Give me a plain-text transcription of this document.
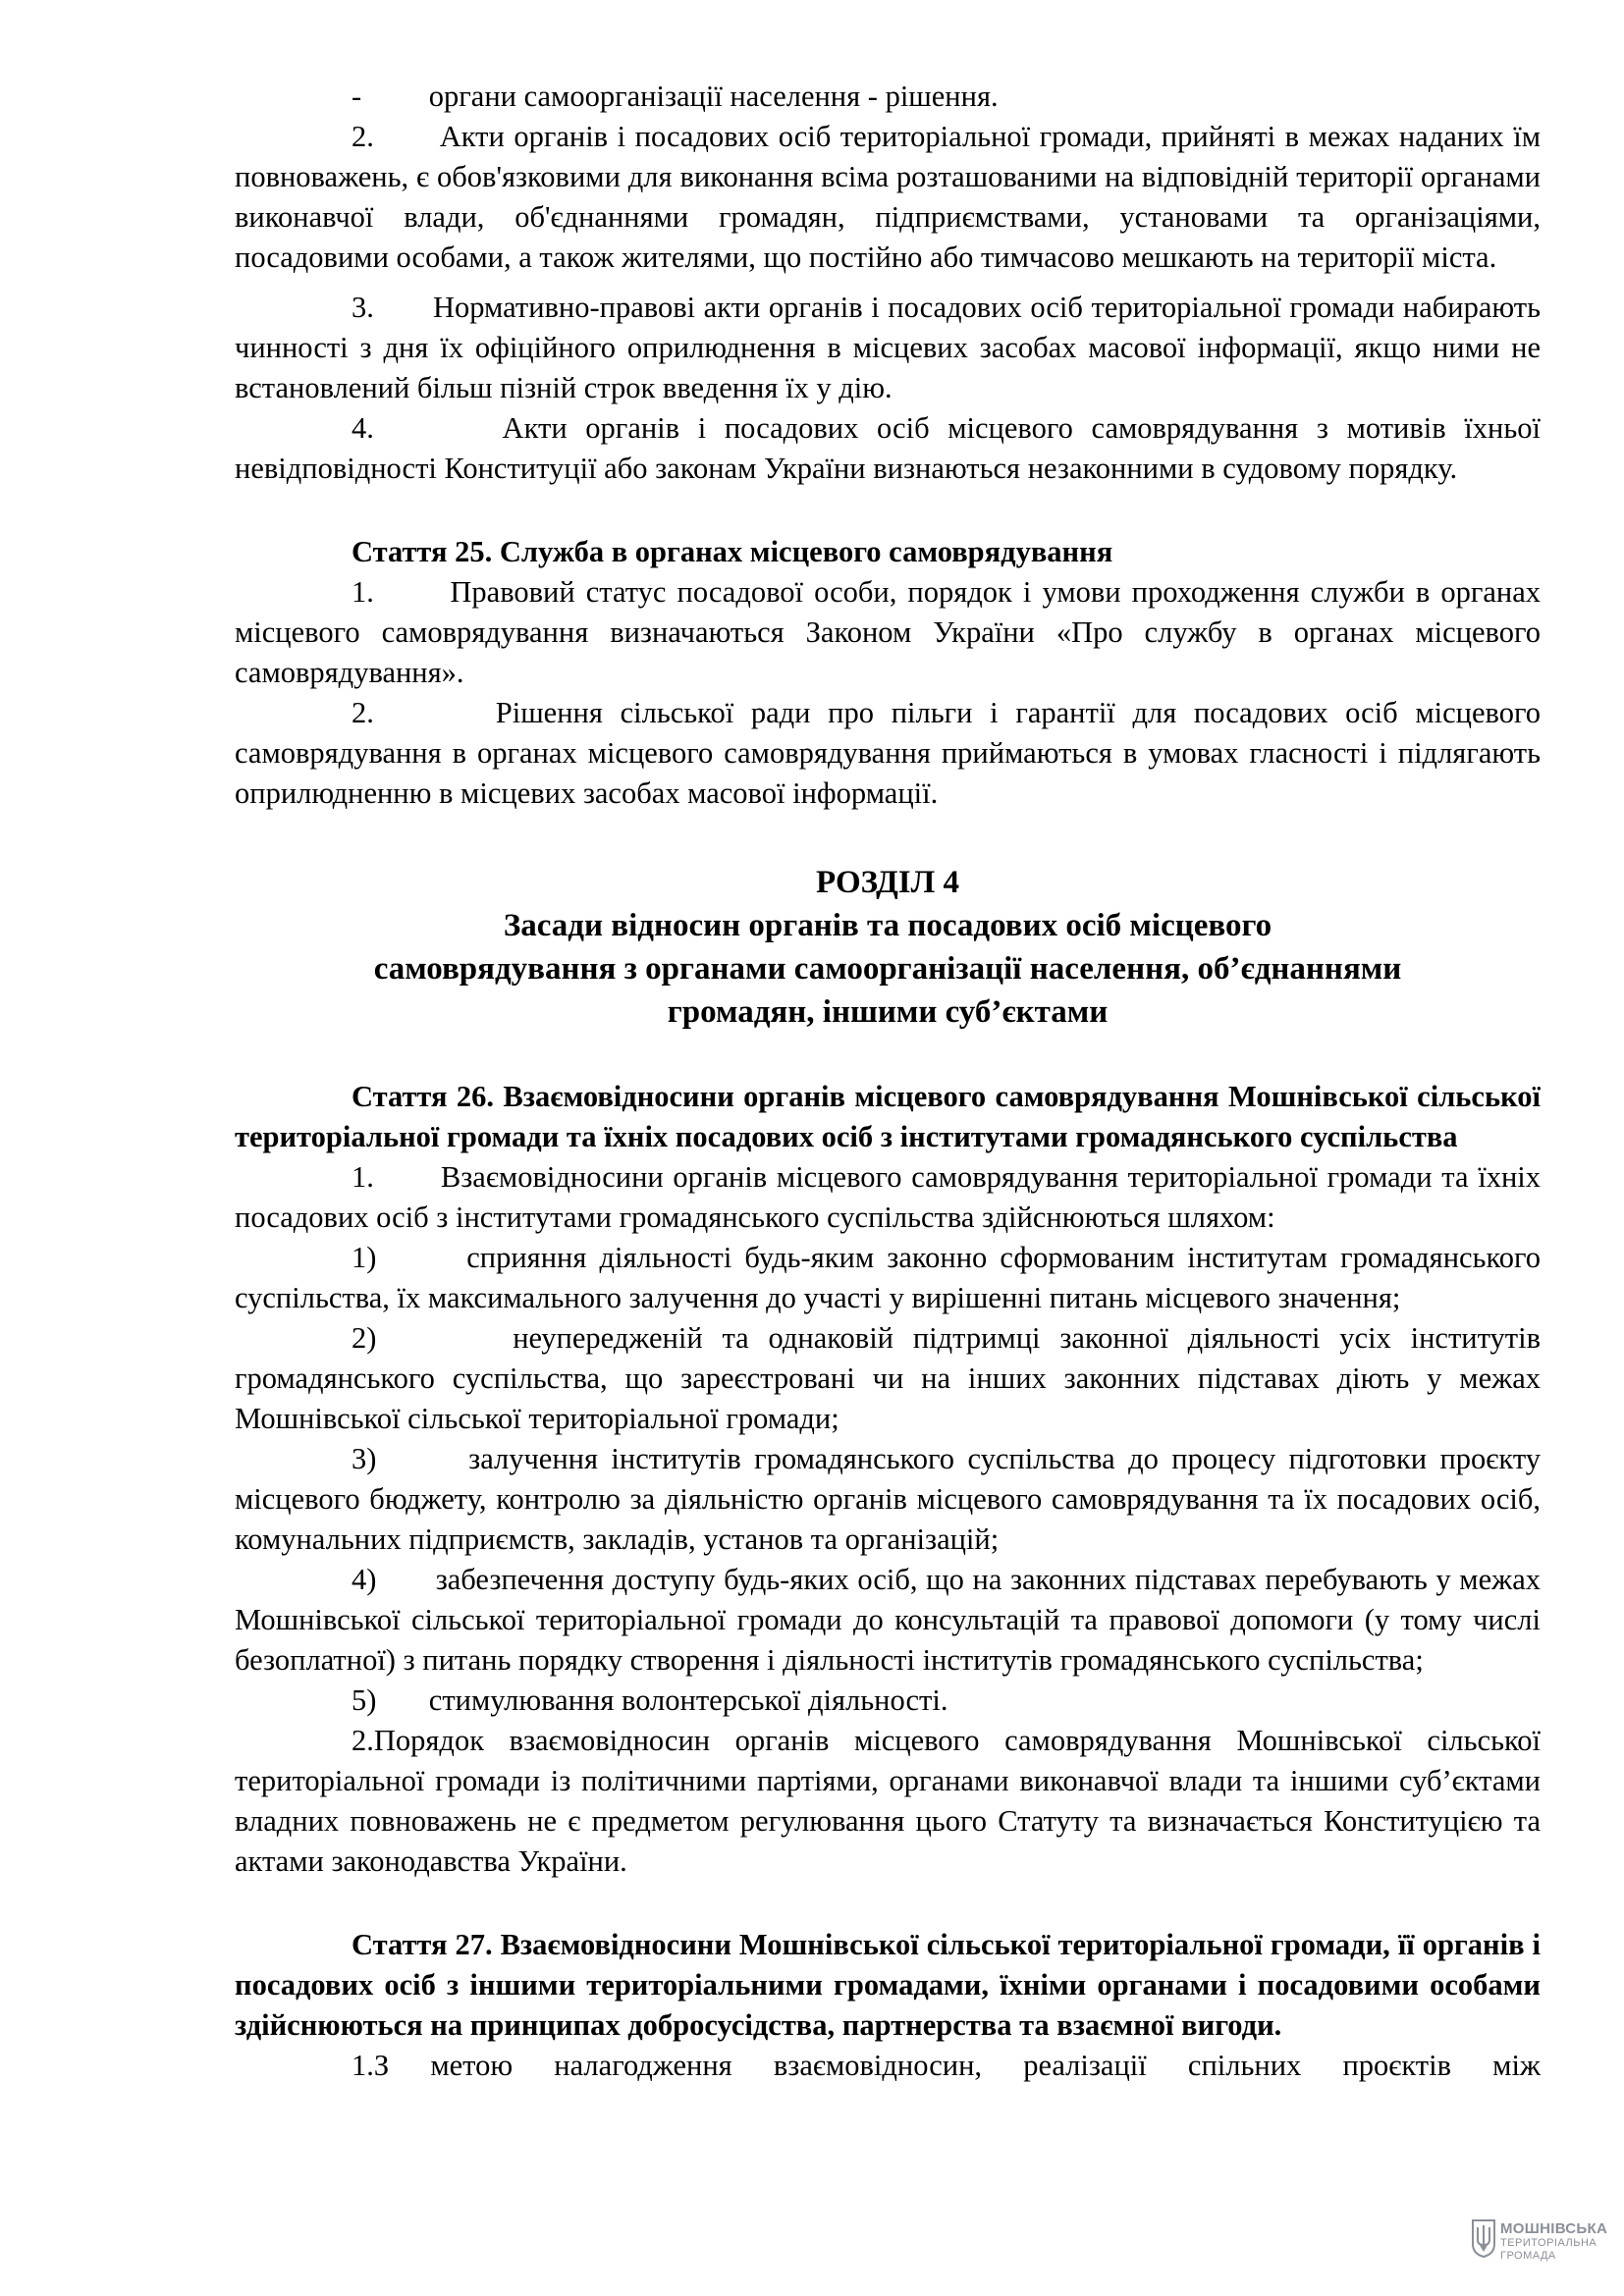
-         органи самоорганізації населення - рішення.

2.       Акти органів і посадових осіб територіальної громади, прийняті в межах наданих їм повноважень, є обов'язковими для виконання всіма розташованими на відповідній території органами виконавчої влади, об'єднаннями громадян, підприємствами, установами та організаціями, посадовими особами, а також жителями, що постійно або тимчасово мешкають на території міста.

3.       Нормативно-правові акти органів і посадових осіб територіальної громади набирають чинності з дня їх офіційного оприлюднення в місцевих засобах масової інформації, якщо ними не встановлений більш пізній строк введення їх у дію.

4.       Акти органів і посадових осіб місцевого самоврядування з мотивів їхньої невідповідності Конституції або законам України визнаються незаконними в судовому порядку.

Стаття 25. Служба в органах місцевого самоврядування

1.       Правовий статус посадової особи, порядок і умови проходження служби в органах місцевого самоврядування визначаються Законом України «Про службу в органах місцевого самоврядування».

2.       Рішення сільської ради про пільги і гарантії для посадових осіб місцевого самоврядування в органах місцевого самоврядування приймаються в умовах гласності і підлягають оприлюдненню в місцевих засобах масової інформації.

РОЗДІЛ 4
Засади відносин органів та посадових осіб місцевого
самоврядування з органами самоорганізації населення, об’єднаннями
громадян, іншими суб’єктами

Стаття 26. Взаємовідносини органів місцевого самоврядування Мошнівської сільської територіальної громади та їхніх посадових осіб з інститутами громадянського суспільства

1.       Взаємовідносини органів місцевого самоврядування територіальної громади та їхніх посадових осіб з інститутами громадянського суспільства здійснюються шляхом:

1)       сприяння діяльності будь-яким законно сформованим інститутам громадянського суспільства, їх максимального залучення до участі у вирішенні питань місцевого значення;

2)       неупередженій та однаковій підтримці законної діяльності усіх інститутів громадянського суспільства, що зареєстровані чи на інших законних підставах діють у межах Мошнівської сільської територіальної громади;

3)       залучення інститутів громадянського суспільства до процесу підготовки проєкту місцевого бюджету, контролю за діяльністю органів місцевого самоврядування та їх посадових осіб, комунальних підприємств, закладів, установ та організацій;

4)       забезпечення доступу будь-яких осіб, що на законних підставах перебувають у межах Мошнівської сільської територіальної громади до консультацій та правової допомоги (у тому числі безоплатної) з питань порядку створення і діяльності інститутів громадянського суспільства;

5)       стимулювання волонтерської діяльності.

2.Порядок взаємовідносин органів місцевого самоврядування Мошнівської сільської територіальної громади із політичними партіями, органами виконавчої влади та іншими суб’єктами владних повноважень не є предметом регулювання цього Статуту та визначається Конституцією та актами законодавства України.

Стаття 27. Взаємовідносини Мошнівської сільської територіальної громади, її органів і посадових осіб з іншими територіальними громадами, їхніми органами і посадовими особами здійснюються на принципах добросусідства, партнерства та взаємної вигоди.

1.З метою налагодження взаємовідносин, реалізації спільних проєктів між

МОШНІВСЬКА
ТЕРИТОРІАЛЬНА
ГРОМАДА
